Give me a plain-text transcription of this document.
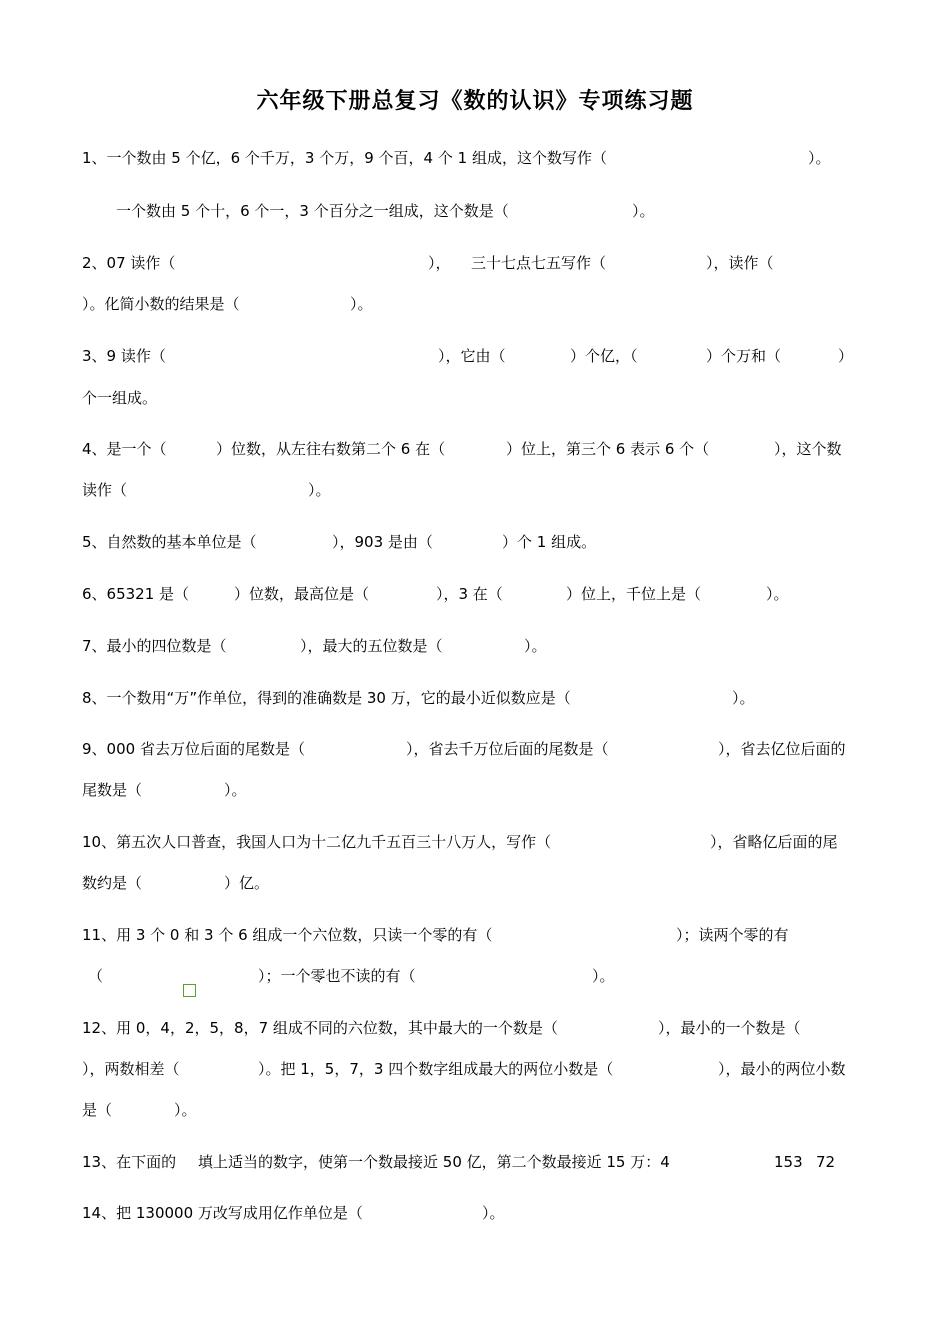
六年级下册总复习《数的认识》专项练习题
1、一个数由 5 个亿，6 个千万，3 个万，9 个百，4 个 1 组成，这个数写作（	）。
一个数由 5 个十，6 个一，3 个百分之一组成，这个数是（	）。
2、07 读作（	）， 三十七点七五写作（	），读作（
）。化简小数的结果是（	）。
3、9 读作（	），它由（	）个亿，（	）个万和（	）
个一组成。
4、是一个（	）位数，从左往右数第二个 6 在（	）位上，第三个 6 表示 6 个（	），这个数
读作（	）。
5、自然数的基本单位是（	），903 是由（	）个 1 组成。
6、65321 是（	）位数，最高位是（	），3 在（	）位上，千位上是（	）。
7、最小的四位数是（	），最大的五位数是（	）。
8、一个数用“万”作单位，得到的准确数是 30 万，它的最小近似数应是（	）。
9、000 省去万位后面的尾数是（	），省去千万位后面的尾数是（	），省去亿位后面的
尾数是（	）。
10、第五次人口普查，我国人口为十二亿九千五百三十八万人，写作（	），省略亿后面的尾
数约是（	）亿。
11、用 3 个 0 和 3 个 6 组成一个六位数，只读一个零的有（	）；读两个零的有
（	）；一个零也不读的有（	）。
12、用 0，4，2，5，8，7 组成不同的六位数，其中最大的一个数是（	），最小的一个数是（
），两数相差（	）。把 1，5，7，3 四个数字组成最大的两位小数是（	），最小的两位小数
是（	）。
13、在下面的 填上适当的数字，使第一个数最接近 50 亿，第二个数最接近 15 万：4	153 72
14、把 130000 万改写成用亿作单位是（	）。
